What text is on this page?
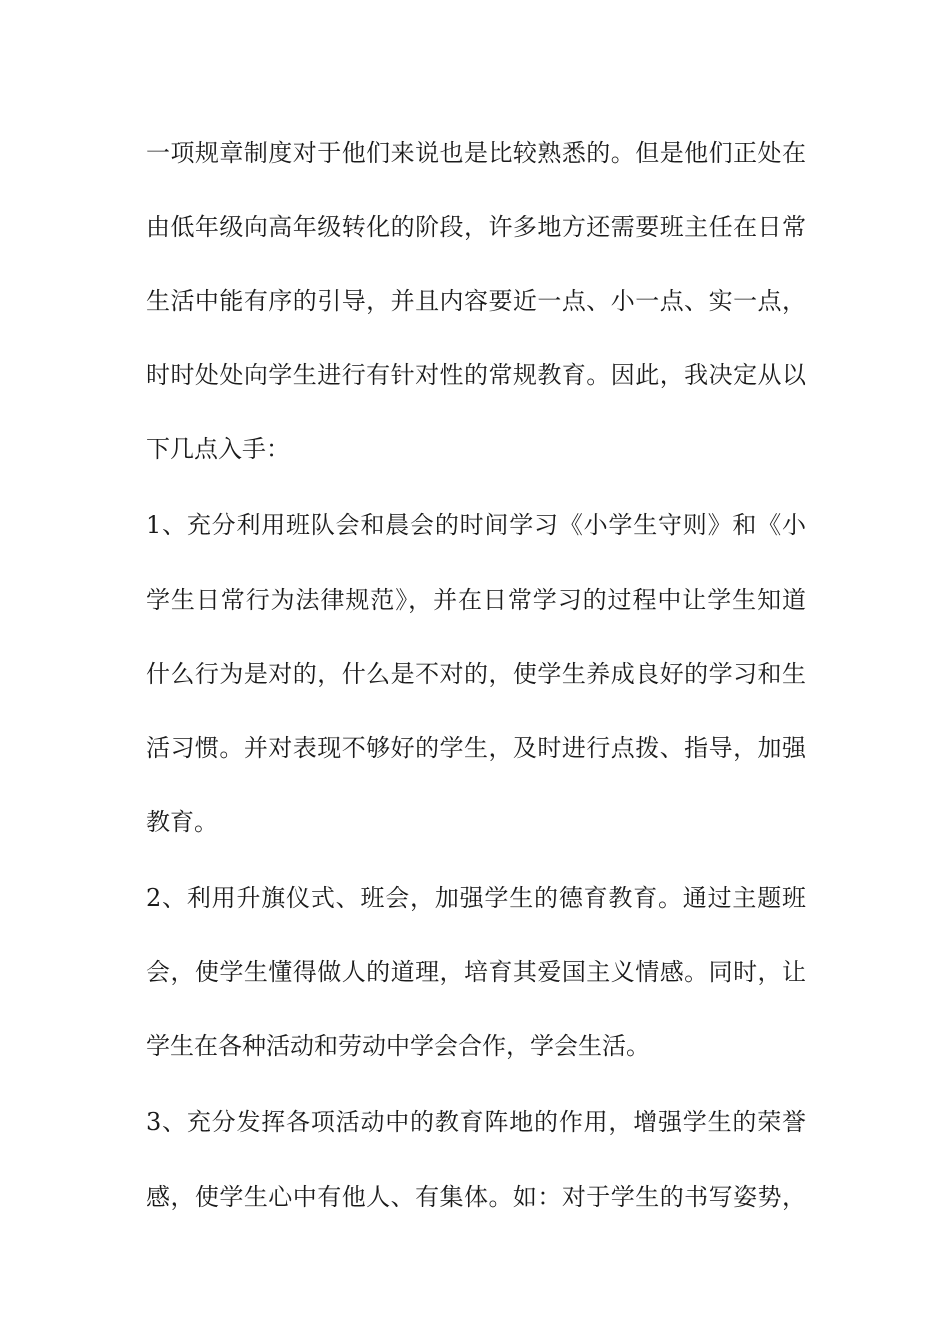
一项规章制度对于他们来说也是比较熟悉的。但是他们正处在
由低年级向高年级转化的阶段，许多地方还需要班主任在日常
生活中能有序的引导，并且内容要近一点、小一点、实一点，
时时处处向学生进行有针对性的常规教育。因此，我决定从以
下几点入手：
1、充分利用班队会和晨会的时间学习《小学生守则》和《小
学生日常行为法律规范》，并在日常学习的过程中让学生知道
什么行为是对的，什么是不对的，使学生养成良好的学习和生
活习惯。并对表现不够好的学生，及时进行点拨、指导，加强
教育。
2、利用升旗仪式、班会，加强学生的德育教育。通过主题班
会，使学生懂得做人的道理，培育其爱国主义情感。同时，让
学生在各种活动和劳动中学会合作，学会生活。
3、充分发挥各项活动中的教育阵地的作用，增强学生的荣誉
感，使学生心中有他人、有集体。如：对于学生的书写姿势，
